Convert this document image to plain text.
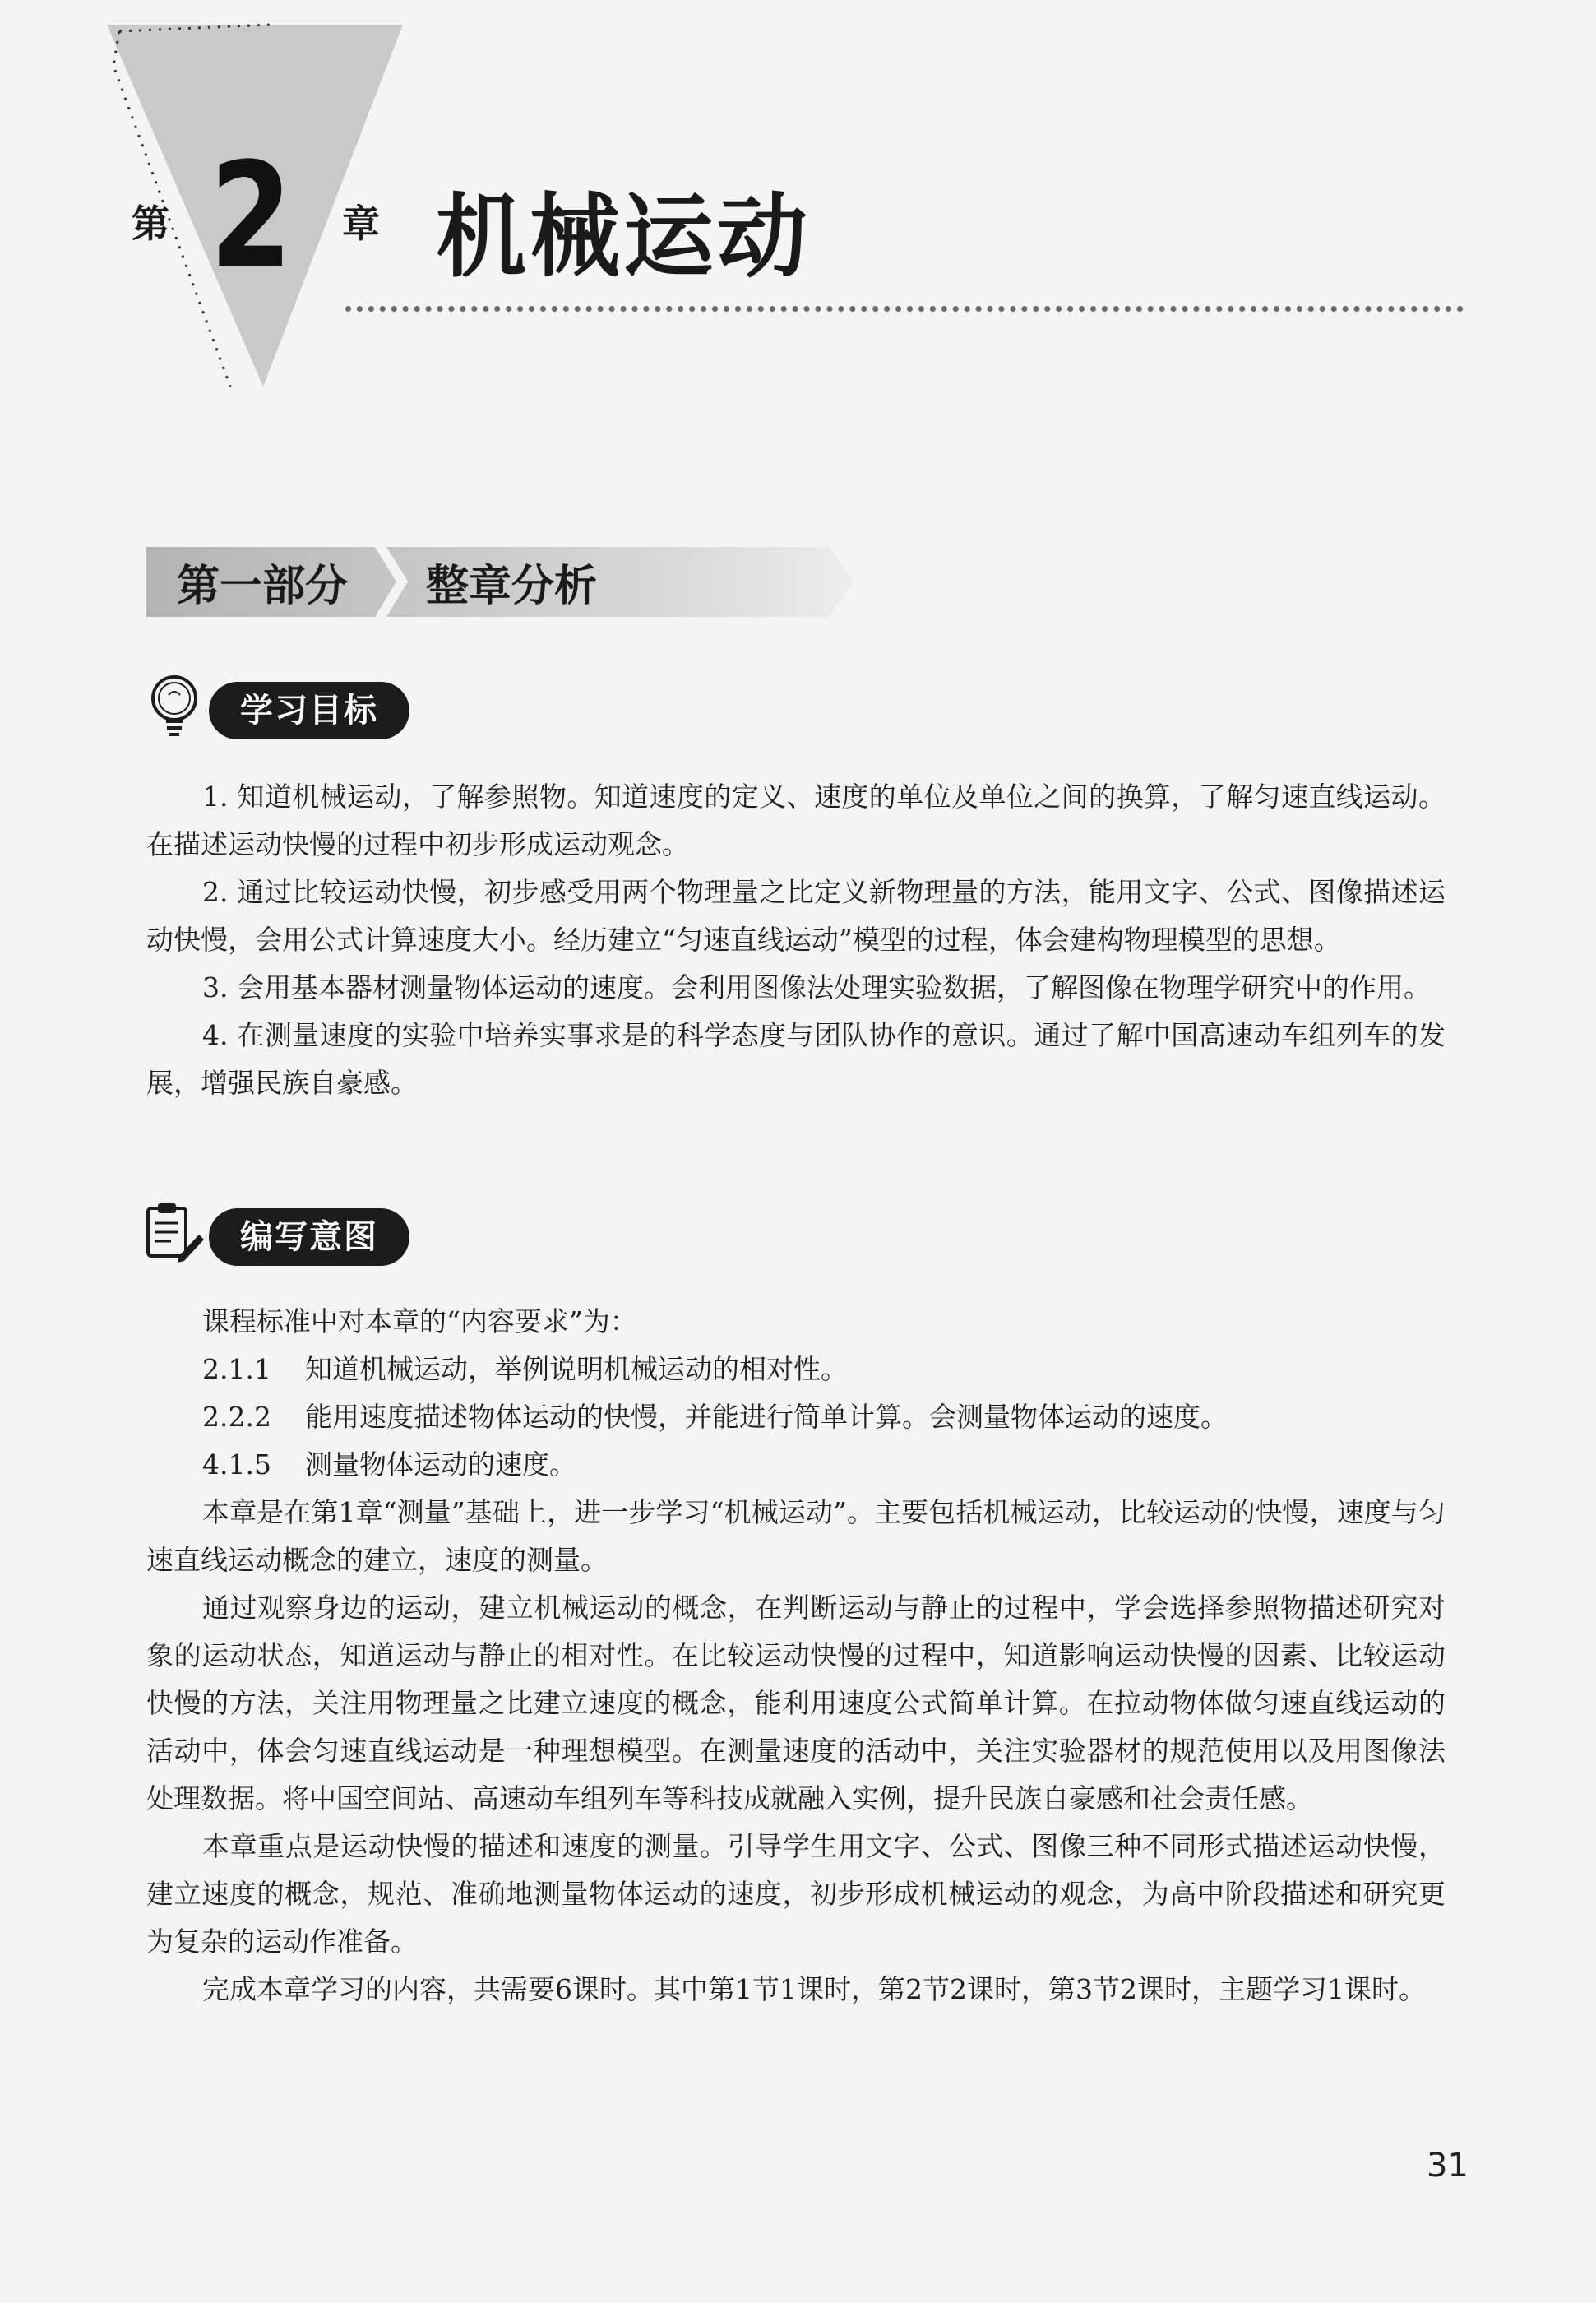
第 2 章 机械运动
第一部分 整章分析
学习目标

1. 知道机械运动，了解参照物。知道速度的定义、速度的单位及单位之间的换算，了解匀速直线运动。在描述运动快慢的过程中初步形成运动观念。

2. 通过比较运动快慢，初步感受用两个物理量之比定义新物理量的方法，能用文字、公式、图像描述运动快慢，会用公式计算速度大小。经历建立“匀速直线运动”模型的过程，体会建构物理模型的思想。

3. 会用基本器材测量物体运动的速度。会利用图像法处理实验数据，了解图像在物理学研究中的作用。

4. 在测量速度的实验中培养实事求是的科学态度与团队协作的意识。通过了解中国高速动车组列车的发展，增强民族自豪感。

编写意图

课程标准中对本章的“内容要求”为：

2.1.1 知道机械运动，举例说明机械运动的相对性。

2.2.2 能用速度描述物体运动的快慢，并能进行简单计算。会测量物体运动的速度。

4.1.5 测量物体运动的速度。

本章是在第1章“测量”基础上，进一步学习“机械运动”。主要包括机械运动，比较运动的快慢，速度与匀速直线运动概念的建立，速度的测量。

通过观察身边的运动，建立机械运动的概念，在判断运动与静止的过程中，学会选择参照物描述研究对象的运动状态，知道运动与静止的相对性。在比较运动快慢的过程中，知道影响运动快慢的因素、比较运动快慢的方法，关注用物理量之比建立速度的概念，能利用速度公式简单计算。在拉动物体做匀速直线运动的活动中，体会匀速直线运动是一种理想模型。在测量速度的活动中，关注实验器材的规范使用以及用图像法处理数据。将中国空间站、高速动车组列车等科技成就融入实例，提升民族自豪感和社会责任感。

本章重点是运动快慢的描述和速度的测量。引导学生用文字、公式、图像三种不同形式描述运动快慢，建立速度的概念，规范、准确地测量物体运动的速度，初步形成机械运动的观念，为高中阶段描述和研究更为复杂的运动作准备。

完成本章学习的内容，共需要6课时。其中第1节1课时，第2节2课时，第3节2课时，主题学习1课时。

31
